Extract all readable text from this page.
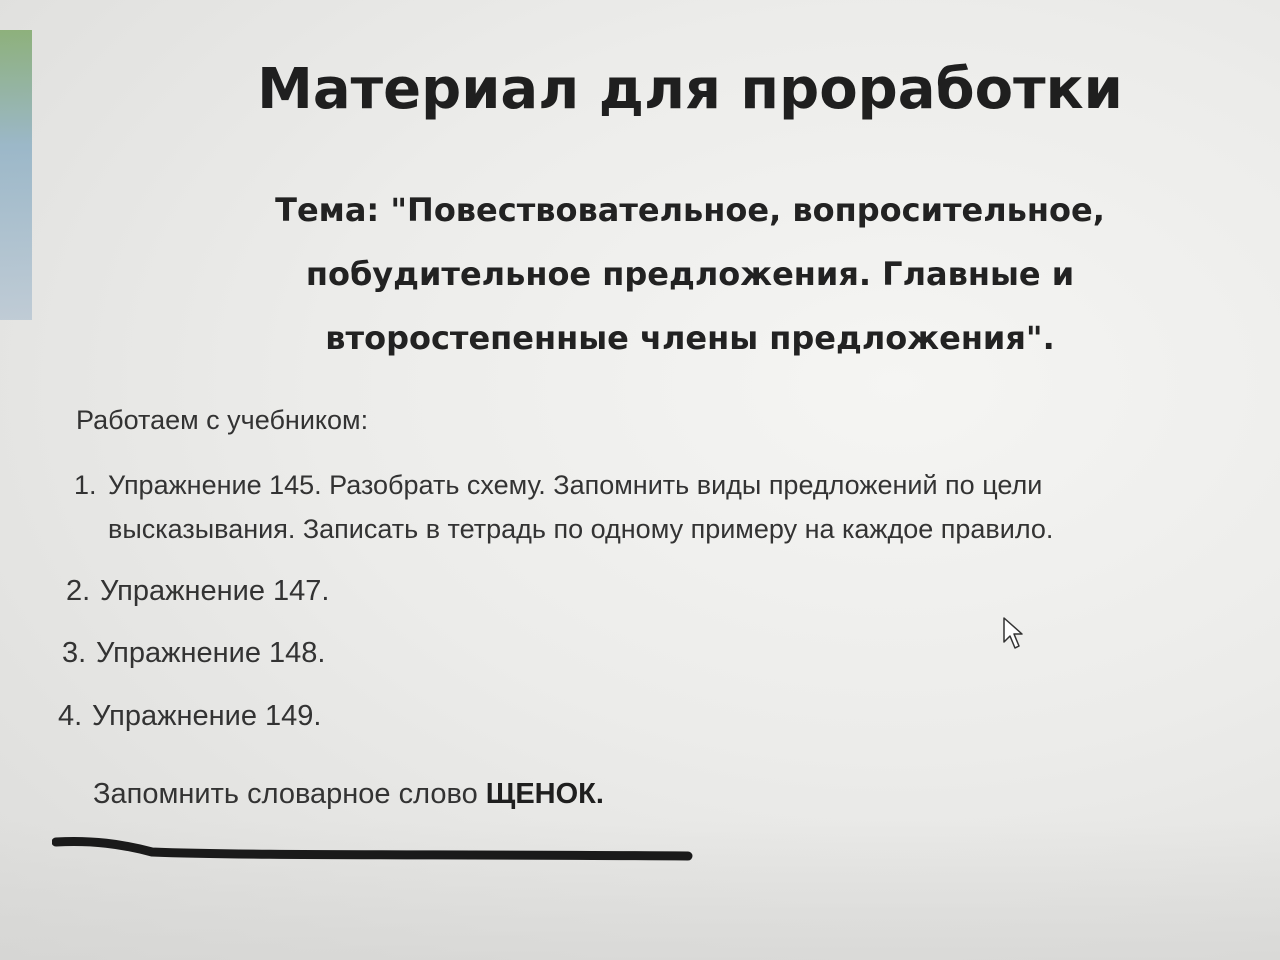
Материал для проработки
Тема: "Повествовательное, вопросительное,
побудительное предложения. Главные и
второстепенные члены предложения".
Работаем с учебником:
1. Упражнение 145. Разобрать схему. Запомнить виды предложений по цели
высказывания. Записать в тетрадь по одному примеру на каждое правило.
2. Упражнение 147.
3. Упражнение 148.
4. Упражнение 149.
Запомнить словарное слово ЩЕНОК.
